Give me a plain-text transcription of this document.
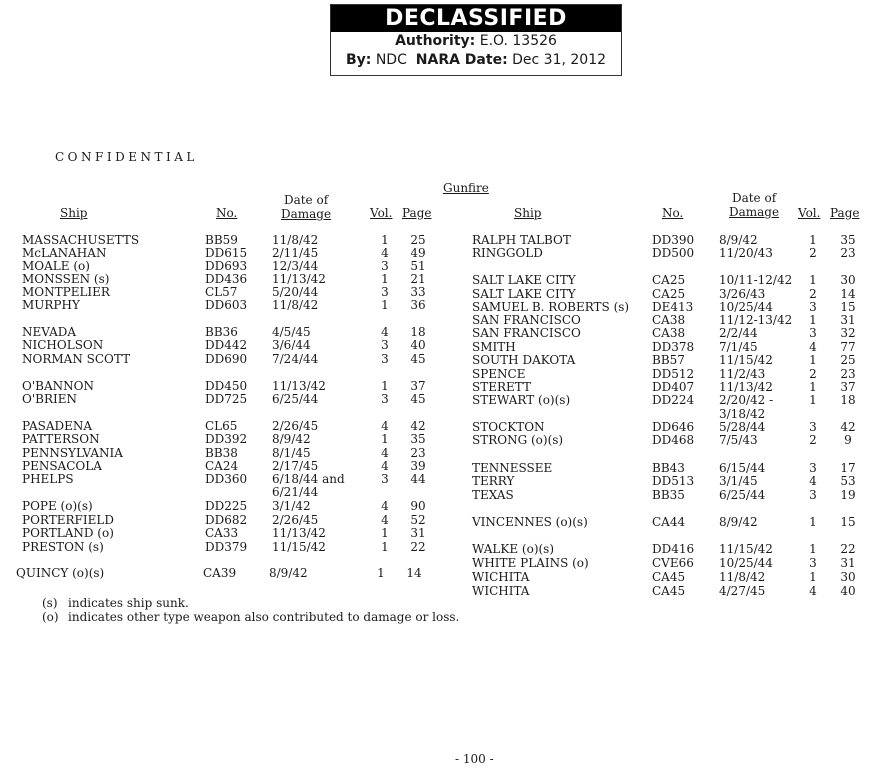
DECLASSIFIED
Authority: E.O. 13526
By: NDC NARA Date: Dec 31, 2012
CONFIDENTIAL
Gunfire
Ship	No.
Date of
Damage	Vol. Page	Ship	No.
Date of
Damage Vol. Page
MASSACHUSETTS	BB59	11/8/42	1	25
McLANAHAN	DD615 2/11/45	4	49
MOALE (o)	DD693 12/3/44	3	51
MONSSEN (s)	DD436 11/13/42	1	21
MONTPELIER	CL57	5/20/44	3	33
MURPHY	DD603 11/8/42	1	36
NEVADA	BB36	4/5/45	4	18
NICHOLSON	DD442 3/6/44	3	40
NORMAN SCOTT	DD690 7/24/44	3	45
O'BANNON	DD450 11/13/42	1	37
O'BRIEN	DD725 6/25/44	3	45
PASADENA	CL65	2/26/45	4	42
PATTERSON	DD392 8/9/42	1	35
PENNSYLVANIA	BB38	8/1/45	4	23
PENSACOLA	CA24	2/17/45	4	39
PHELPS	DD360 6/18/44 and	3	44
6/21/44
POPE (o)(s)	DD225 3/1/42	4	90
PORTERFIELD	DD682 2/26/45	4	52
PORTLAND (o)	CA33	11/13/42	1	31
PRESTON (s)	DD379 11/15/42	1	22
QUINCY (o)(s)	CA39	8/9/42	1	14
RALPH TALBOT	DD390 8/9/42	1	35
RINGGOLD	DD500 11/20/43	2	23
SALT LAKE CITY	CA25	10/11-12/42 1	30
SALT LAKE CITY	CA25	3/26/43	2	14
SAMUEL B. ROBERTS (s) DE413 10/25/44	3	15
SAN FRANCISCO	CA38	11/12-13/42 1	31
SAN FRANCISCO	CA38	2/2/44	3	32
SMITH	DD378 7/1/45	4	77
SOUTH DAKOTA	BB57	11/15/42	1	25
SPENCE	DD512 11/2/43	2	23
STERETT	DD407 11/13/42	1	37
STEWART (o)(s)	DD224 2/20/42 -	1	18
3/18/42
STOCKTON	DD646 5/28/44	3	42
STRONG (o)(s)	DD468 7/5/43	2	9
TENNESSEE	BB43	6/15/44	3	17
TERRY	DD513 3/1/45	4	53
TEXAS	BB35	6/25/44	3	19
VINCENNES (o)(s)	CA44	8/9/42	1	15
WALKE (o)(s)	DD416 11/15/42	1	22
WHITE PLAINS (o)	CVE66 10/25/44	3	31
WICHITA	CA45	11/8/42	1	30
WICHITA	CA45	4/27/45	4	40
(s) indicates ship sunk.
(o) indicates other type weapon also contributed to damage or loss.
- 100 -
